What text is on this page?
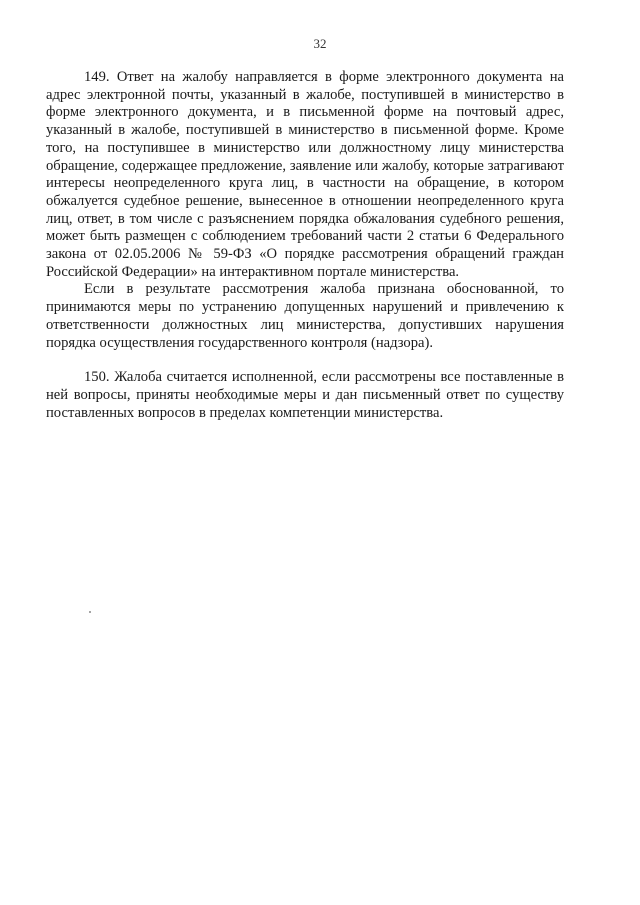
32

149. Ответ на жалобу направляется в форме электронного документа на адрес электронной почты, указанный в жалобе, поступившей в министерство в форме электронного документа, и в письменной форме на почтовый адрес, указанный в жалобе, поступившей в министерство в письменной форме. Кроме того, на поступившее в министерство или должностному лицу министерства обращение, содержащее предложение, заявление или жалобу, которые затрагивают интересы неопределенного круга лиц, в частности на обращение, в котором обжалуется судебное решение, вынесенное в отношении неопределенного круга лиц, ответ, в том числе с разъяснением порядка обжалования судебного решения, может быть размещен с соблюдением требований части 2 статьи 6 Федерального закона от 02.05.2006 № 59-ФЗ «О порядке рассмотрения обращений граждан Российской Федерации» на интерактивном портале министерства.

Если в результате рассмотрения жалоба признана обоснованной, то принимаются меры по устранению допущенных нарушений и привлечению к ответственности должностных лиц министерства, допустивших нарушения порядка осуществления государственного контроля (надзора).

150. Жалоба считается исполненной, если рассмотрены все поставленные в ней вопросы, приняты необходимые меры и дан письменный ответ по существу поставленных вопросов в пределах компетенции министерства.
